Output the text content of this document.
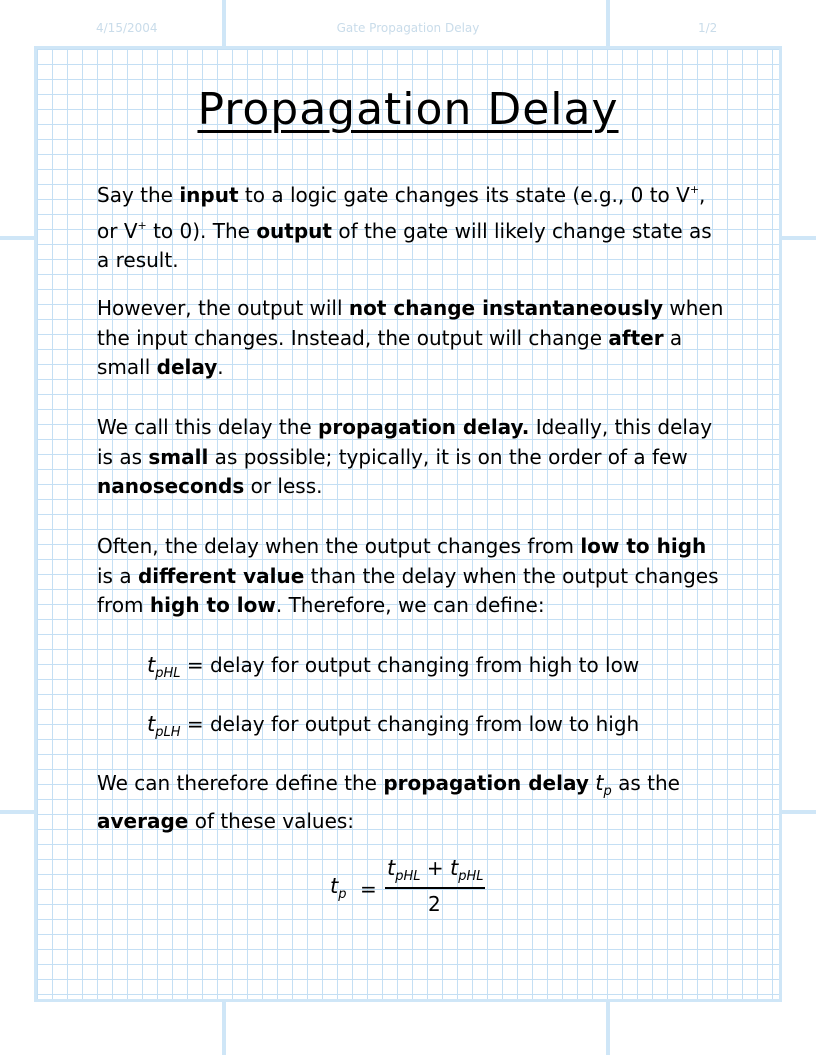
4/15/2004	Gate Propagation Delay	1/2
Propagation Delay
Say the input to a logic gate changes its state (e.g., 0 to V+, or V+ to 0). The output of the gate will likely change state as a result.
However, the output will not change instantaneously when the input changes. Instead, the output will change after a small delay.
We call this delay the propagation delay. Ideally, this delay is as small as possible; typically, it is on the order of a few nanoseconds or less.
Often, the delay when the output changes from low to high is a different value than the delay when the output changes from high to low. Therefore, we can define:
$t_{pHL}$ = delay for output changing from high to low
$t_{pLH}$ = delay for output changing from low to high
We can therefore define the propagation delay $t_p$ as the average of these values:
$t_p$ =
$t_{pHL} + t_{pHL}$
2
